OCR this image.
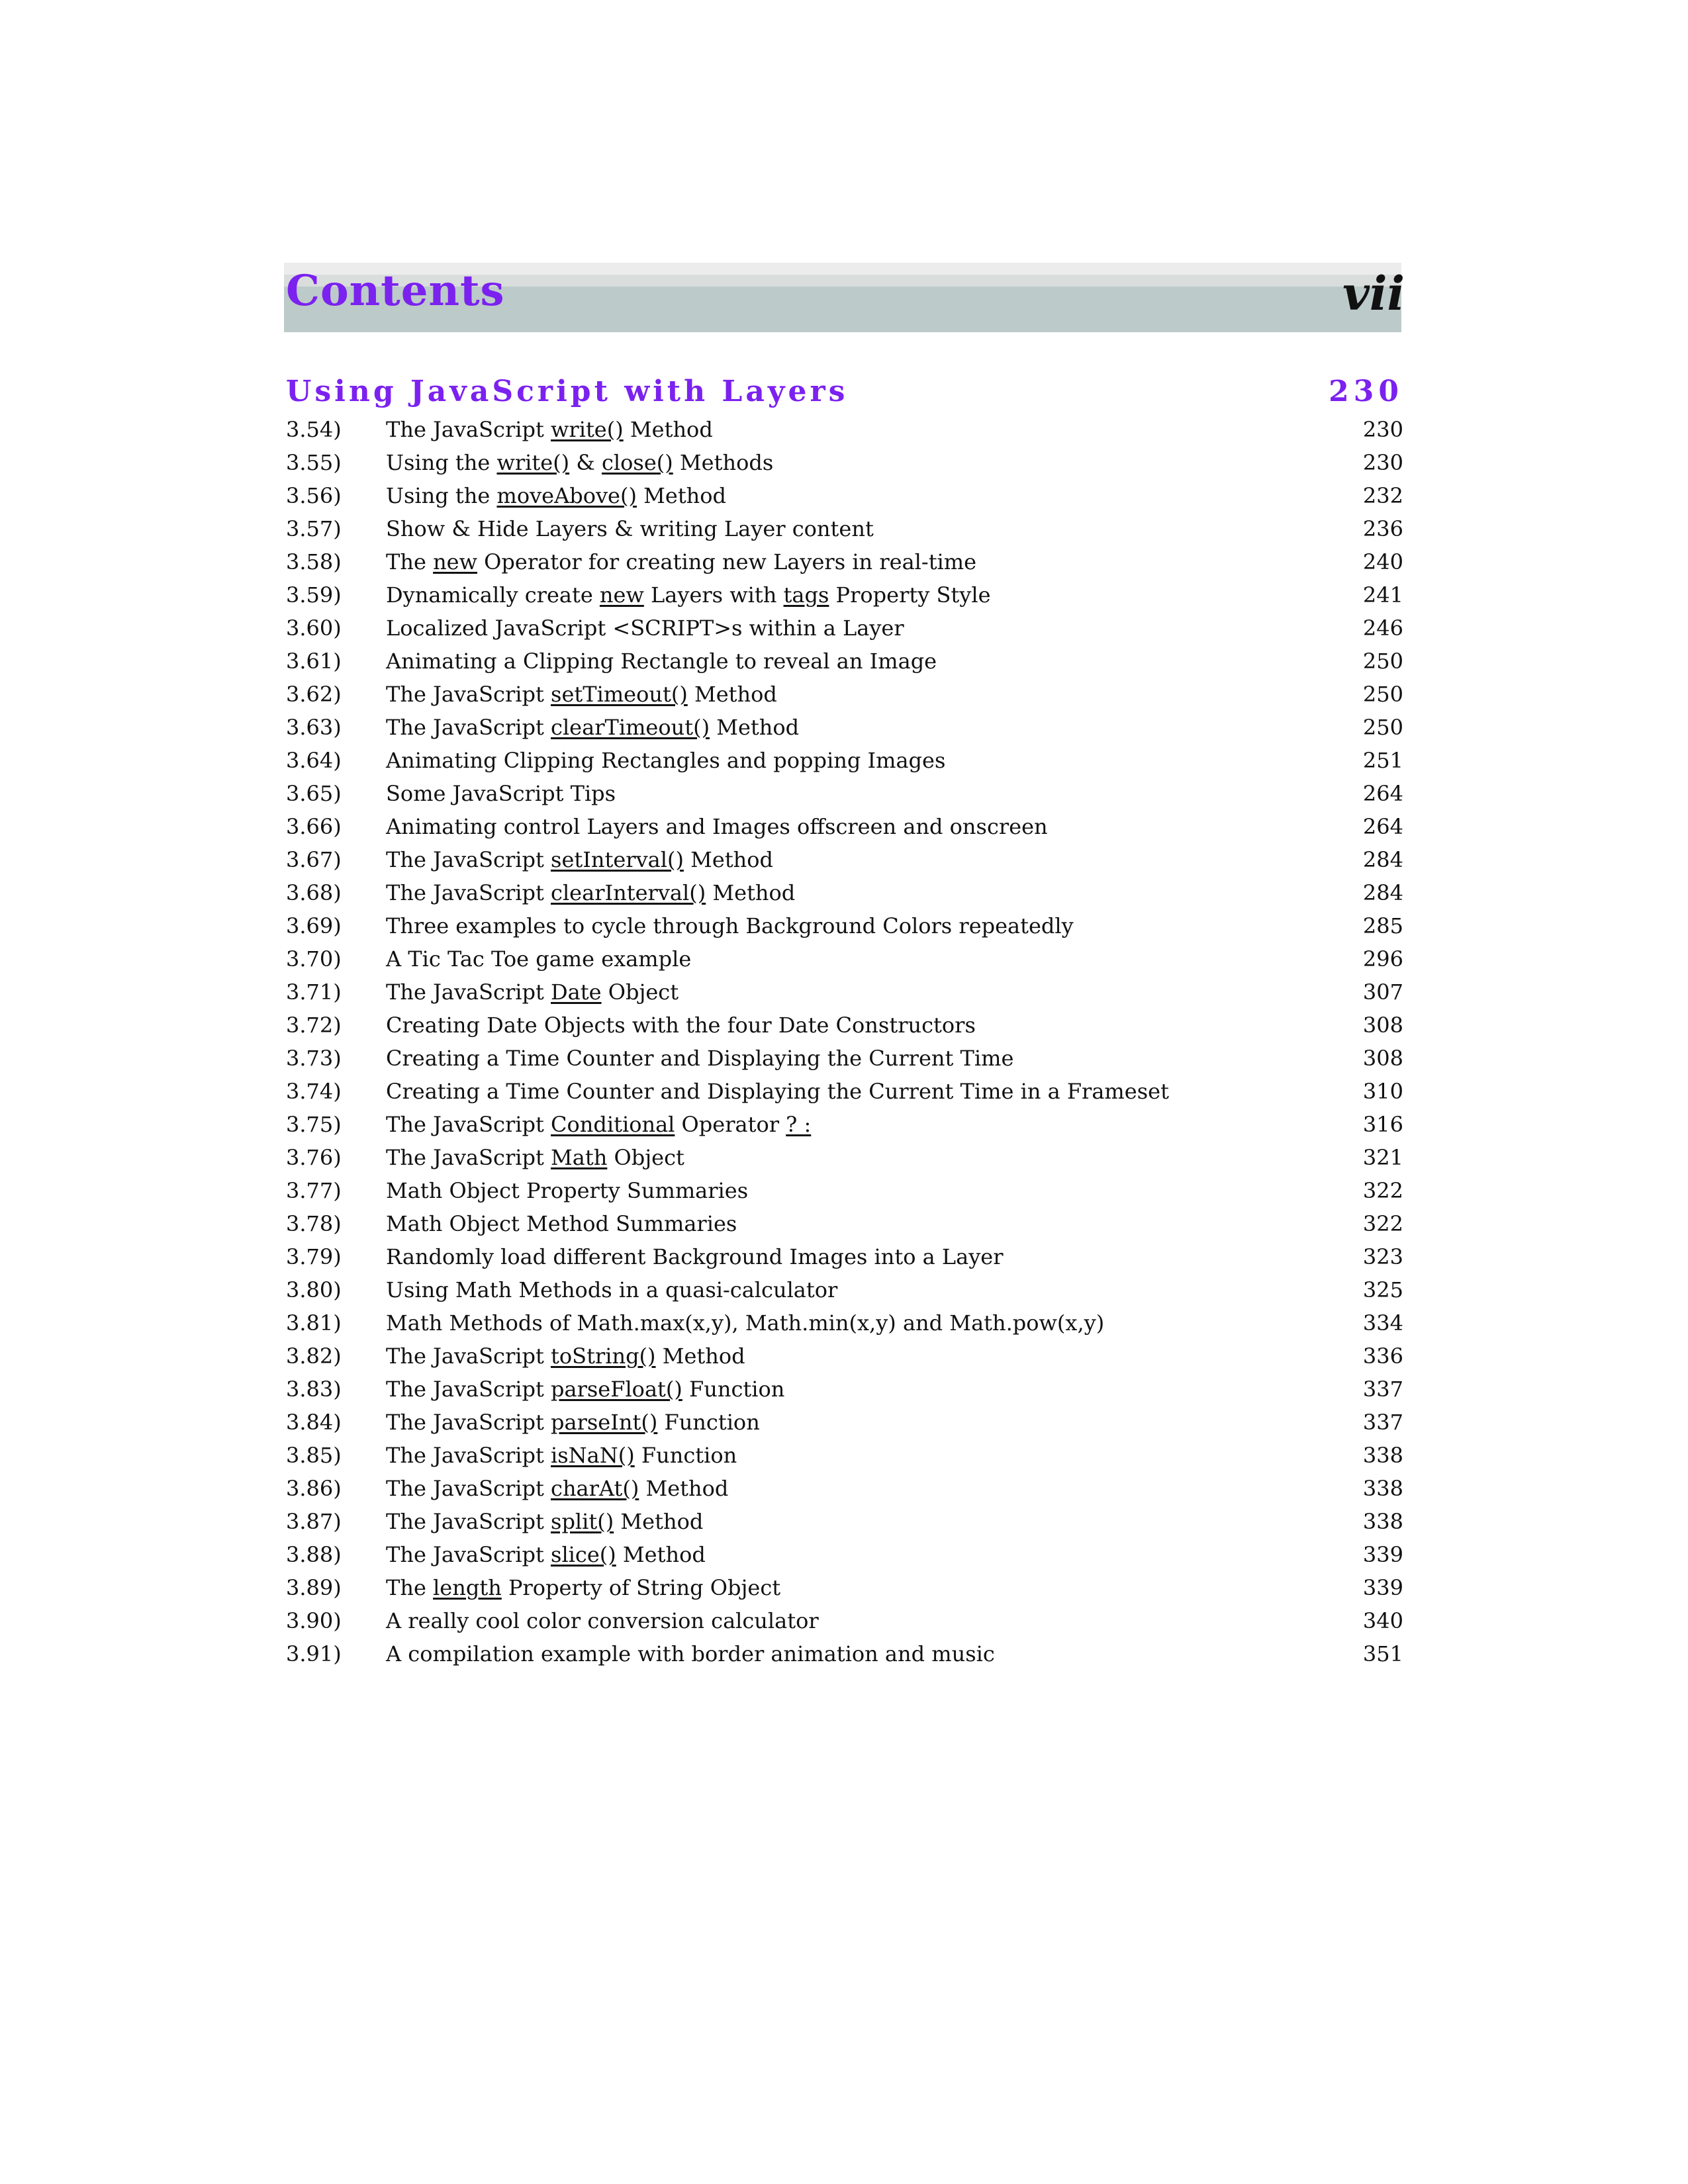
Contents	vii
Using JavaScript with Layers	230
3.54) The JavaScript write() Method	230
3.55) Using the write() & close() Methods	230
3.56) Using the moveAbove() Method	232
3.57) Show & Hide Layers & writing Layer content	236
3.58) The new Operator for creating new Layers in real-time	240
3.59) Dynamically create new Layers with tags Property Style	241
3.60) Localized JavaScript <SCRIPT>s within a Layer	246
3.61) Animating a Clipping Rectangle to reveal an Image	250
3.62) The JavaScript setTimeout() Method	250
3.63) The JavaScript clearTimeout() Method	250
3.64) Animating Clipping Rectangles and popping Images	251
3.65) Some JavaScript Tips	264
3.66) Animating control Layers and Images offscreen and onscreen	264
3.67) The JavaScript setInterval() Method	284
3.68) The JavaScript clearInterval() Method	284
3.69) Three examples to cycle through Background Colors repeatedly	285
3.70) A Tic Tac Toe game example	296
3.71) The JavaScript Date Object	307
3.72) Creating Date Objects with the four Date Constructors	308
3.73) Creating a Time Counter and Displaying the Current Time	308
3.74) Creating a Time Counter and Displaying the Current Time in a Frameset	310
3.75) The JavaScript Conditional Operator ? :	316
3.76) The JavaScript Math Object	321
3.77) Math Object Property Summaries	322
3.78) Math Object Method Summaries	322
3.79) Randomly load different Background Images into a Layer	323
3.80) Using Math Methods in a quasi-calculator	325
3.81) Math Methods of Math.max(x,y), Math.min(x,y) and Math.pow(x,y)	334
3.82) The JavaScript toString() Method	336
3.83) The JavaScript parseFloat() Function	337
3.84) The JavaScript parseInt() Function	337
3.85) The JavaScript isNaN() Function	338
3.86) The JavaScript charAt() Method	338
3.87) The JavaScript split() Method	338
3.88) The JavaScript slice() Method	339
3.89) The length Property of String Object	339
3.90) A really cool color conversion calculator	340
3.91) A compilation example with border animation and music	351
